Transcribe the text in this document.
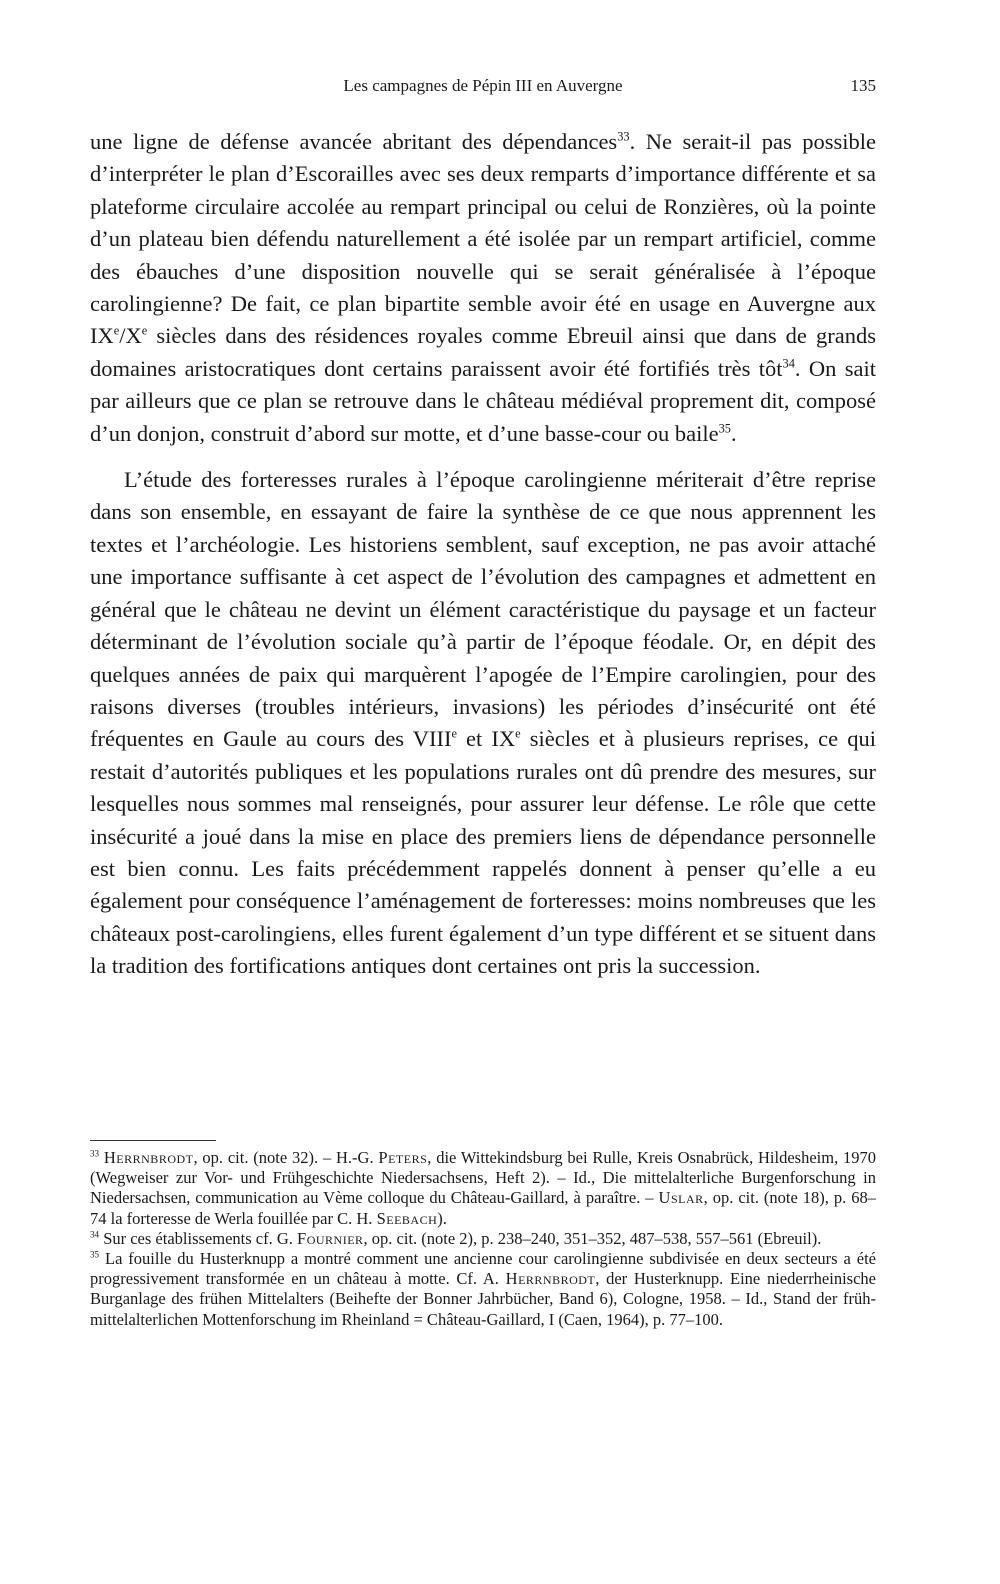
Les campagnes de Pépin III en Auvergne	135

une ligne de défense avancée abritant des dépendances$^{33}$. Ne serait-il pas possible d’interpréter le plan d’Escorailles avec ses deux remparts d’importance différente et sa plateforme circulaire accolée au rempart principal ou celui de Ronzières, où la pointe d’un plateau bien défendu naturellement a été isolée par un rempart artificiel, comme des ébauches d’une disposition nouvelle qui se serait généralisée à l’époque carolingienne? De fait, ce plan bipartite semble avoir été en usage en Auvergne aux IXe/Xe siècles dans des résidences royales comme Ebreuil ainsi que dans de grands domaines aristocratiques dont certains paraissent avoir été fortifiés très tôt$^{34}$. On sait par ailleurs que ce plan se retrouve dans le château médiéval proprement dit, composé d’un donjon, construit d’abord sur motte, et d’une basse-cour ou baile$^{35}$.

L’étude des forteresses rurales à l’époque carolingienne mériterait d’être reprise dans son ensemble, en essayant de faire la synthèse de ce que nous apprennent les textes et l’archéologie. Les historiens semblent, sauf exception, ne pas avoir attaché une importance suffisante à cet aspect de l’évolution des campagnes et admettent en général que le château ne devint un élément caractéristique du paysage et un facteur déterminant de l’évolution sociale qu’à partir de l’époque féodale. Or, en dépit des quelques années de paix qui marquèrent l’apogée de l’Empire carolingien, pour des raisons diverses (troubles intérieurs, invasions) les périodes d’insécurité ont été fréquentes en Gaule au cours des VIIIe et IXe siècles et à plusieurs reprises, ce qui restait d’autorités publiques et les populations rurales ont dû prendre des mesures, sur lesquelles nous sommes mal renseignés, pour assurer leur défense. Le rôle que cette insécurité a joué dans la mise en place des premiers liens de dépendance personnelle est bien connu. Les faits précédemment rappelés donnent à penser qu’elle a eu également pour conséquence l’aménagement de forteresses: moins nombreuses que les châteaux post-carolingiens, elles furent également d’un type différent et se situent dans la tradition des fortifications antiques dont certaines ont pris la succession.

$^{33}$ Herrnbrodt, op. cit. (note 32). – H.-G. Peters, die Wittekindsburg bei Rulle, Kreis Osnabrück, Hildesheim, 1970 (Wegweiser zur Vor- und Frühgeschichte Niedersachsens, Heft 2). – Id., Die mittelalterliche Burgenforschung in Niedersachsen, communication au Vème colloque du Château-Gaillard, à paraître. – Uslar, op. cit. (note 18), p. 68–74 la forteresse de Werla fouillée par C. H. Seebach).

$^{34}$ Sur ces établissements cf. G. Fournier, op. cit. (note 2), p. 238–240, 351–352, 487–538, 557–561 (Ebreuil).

$^{35}$ La fouille du Husterknupp a montré comment une ancienne cour carolingienne subdivisée en deux secteurs a été progressivement transformée en un château à motte. Cf. A. Herrnbrodt, der Husterknupp. Eine niederrheinische Burganlage des frühen Mittelalters (Beihefte der Bonner Jahrbücher, Band 6), Cologne, 1958. – Id., Stand der frühmittelalterlichen Mottenforschung im Rheinland = Château-Gaillard, I (Caen, 1964), p. 77–100.
